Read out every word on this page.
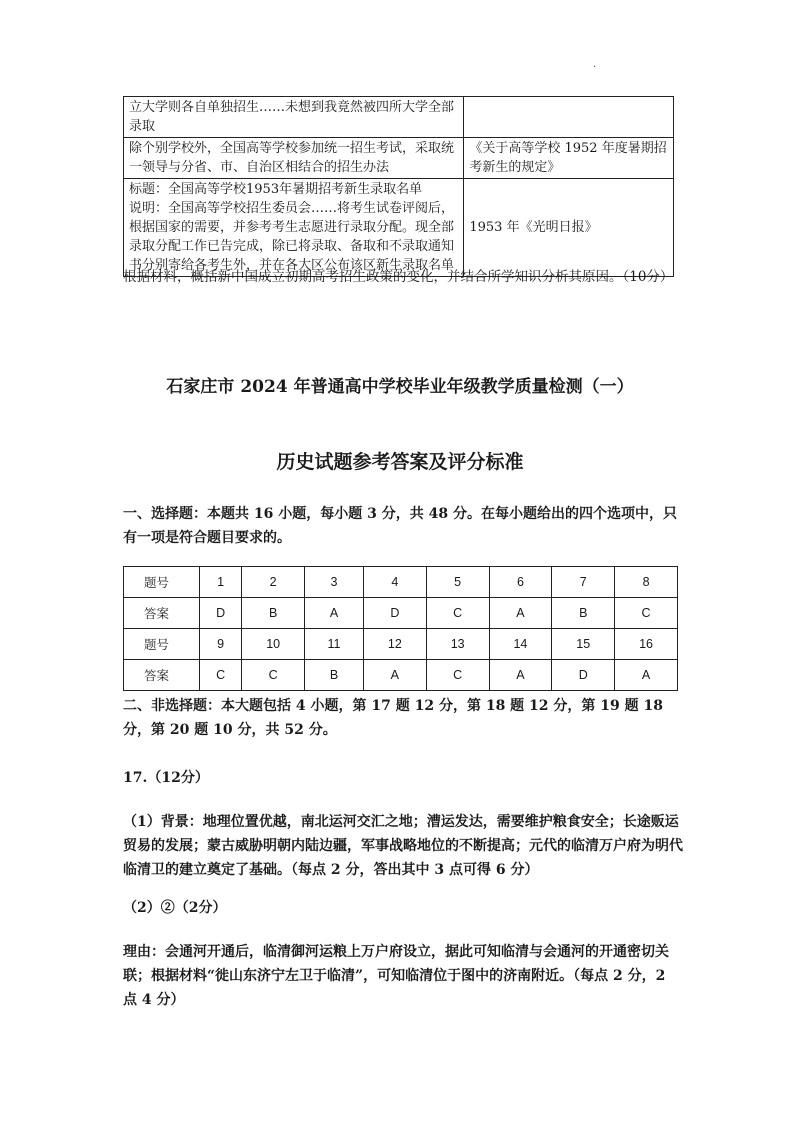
·
立大学则各自单独招生……未想到我竟然被四所大学全部录取	
除个别学校外，全国高等学校参加统一招生考试，采取统一领导与分省、市、自治区相结合的招生办法	《关于高等学校 1952 年度暑期招考新生的规定》
标题：全国高等学校1953年暑期招考新生录取名单
说明：全国高等学校招生委员会……将考生试卷评阅后，根据国家的需要，并参考考生志愿进行录取分配。现全部录取分配工作已告完成，除已将录取、备取和不录取通知书分别寄给各考生外，并在各大区公布该区新生录取名单	1953 年《光明日报》
根据材料，概括新中国成立初期高考招生政策的变化，并结合所学知识分析其原因。（10分）
石家庄市 2024 年普通高中学校毕业年级教学质量检测（一）
历史试题参考答案及评分标准
一、选择题：本题共 16 小题，每小题 3 分，共 48 分。在每小题给出的四个选项中，只有一项是符合题目要求的。
题号	1	2	3	4	5	6	7	8
答案	D	B	A	D	C	A	B	C
题号	9	10	11	12	13	14	15	16
答案	C	C	B	A	C	A	D	A
二、非选择题：本大题包括 4 小题，第 17 题 12 分，第 18 题 12 分，第 19 题 18 分，第 20 题 10 分，共 52 分。
17.（12分）
（1）背景：地理位置优越，南北运河交汇之地；漕运发达，需要维护粮食安全；长途贩运贸易的发展；蒙古威胁明朝内陆边疆，军事战略地位的不断提高；元代的临清万户府为明代临清卫的建立奠定了基础。（每点 2 分，答出其中 3 点可得 6 分）
（2）②（2分）
理由：会通河开通后，临清御河运粮上万户府设立，据此可知临清与会通河的开通密切关联；根据材料“徙山东济宁左卫于临清”，可知临清位于图中的济南附近。（每点 2 分，2 点 4 分）
